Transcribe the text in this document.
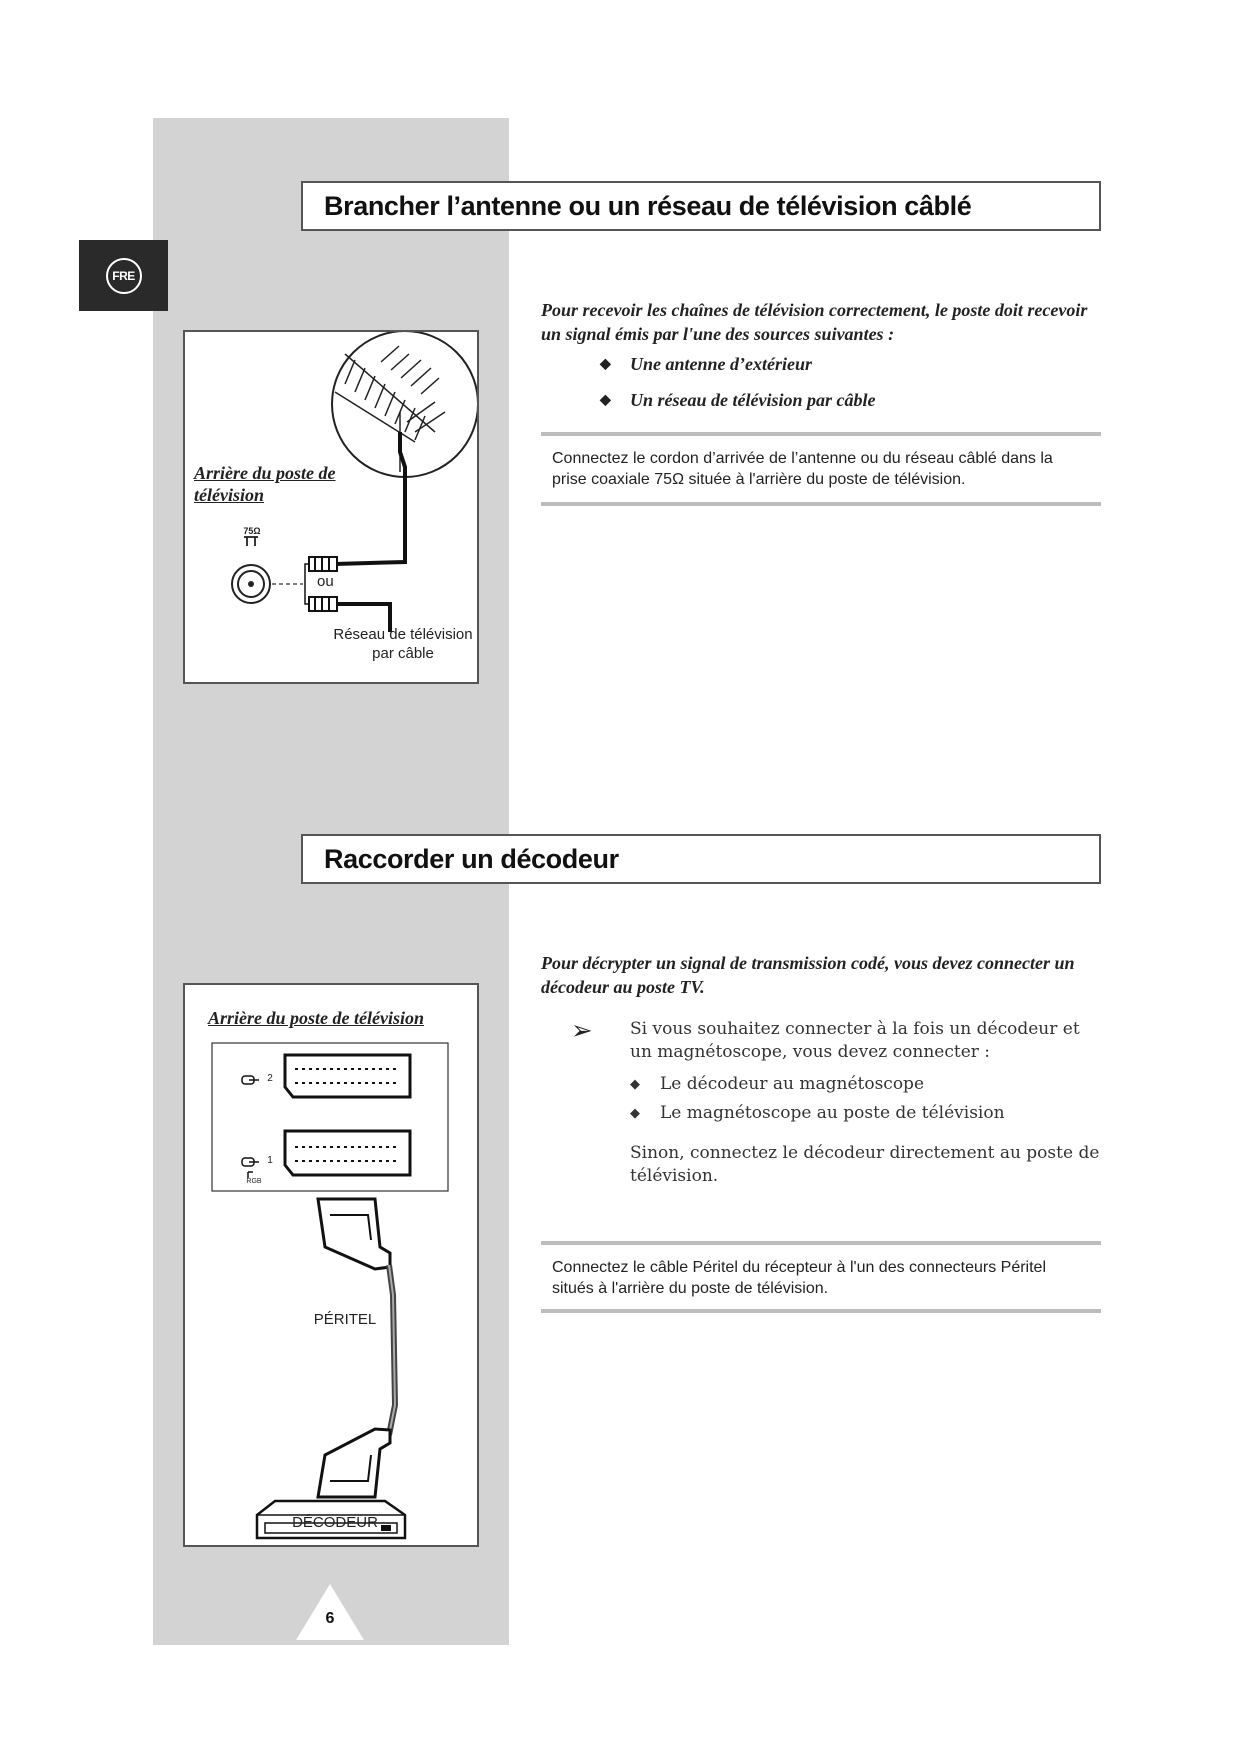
FRE
Brancher l’antenne ou un réseau de télévision câblé
Pour recevoir les chaînes de télévision correctement, le poste doit recevoir un signal émis par l'une des sources suivantes :
◆ Une antenne d’extérieur
◆ Un réseau de télévision par câble
Connectez le cordon d’arrivée de l’antenne ou du réseau câblé dans la prise coaxiale 75Ω située à l'arrière du poste de télévision.
Arrière du poste de télévision
75Ω
ou
Réseau de télévision par câble
Raccorder un décodeur
Pour décrypter un signal de transmission codé, vous devez connecter un décodeur au poste TV.
➢ Si vous souhaitez connecter à la fois un décodeur et un magnétoscope, vous devez connecter :
◆ Le décodeur au magnétoscope
◆ Le magnétoscope au poste de télévision
Sinon, connectez le décodeur directement au poste de télévision.
Connectez le câble Péritel du récepteur à l'un des connecteurs Péritel situés à l'arrière du poste de télévision.
Arrière du poste de télévision
2
1
RGB
PÉRITEL
DÉCODEUR
6
